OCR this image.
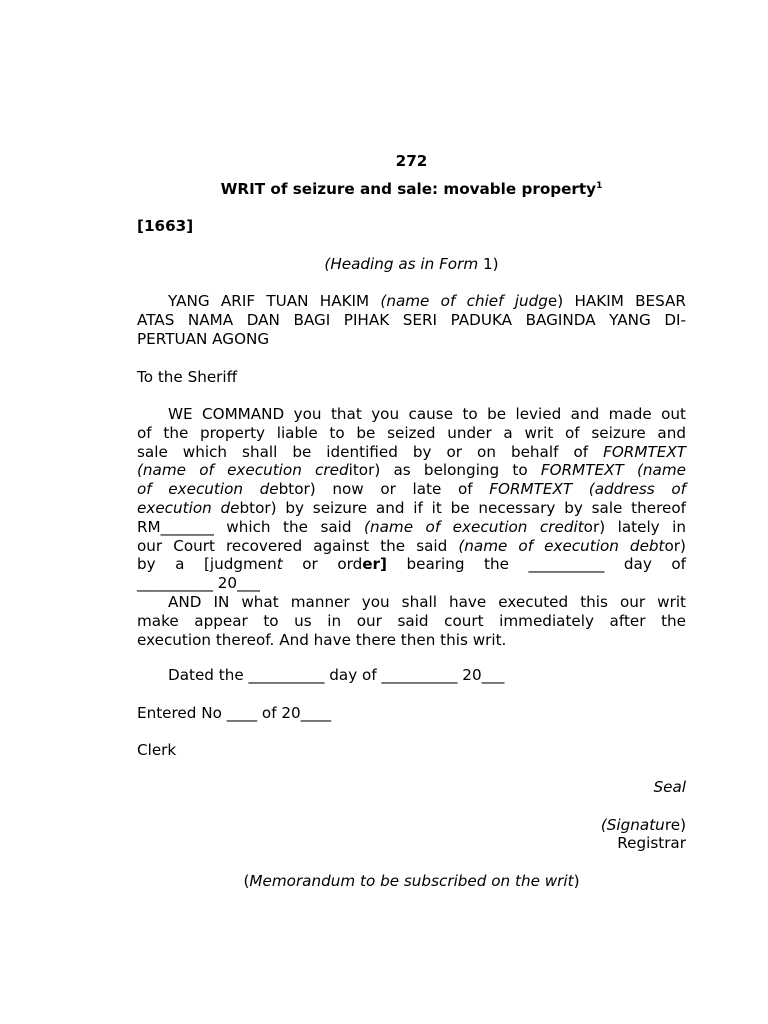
272
WRIT of seizure and sale: movable property$^1$
[1663]
(Heading as in Form 1)
YANG ARIF TUAN HAKIM (name of chief judge) HAKIM BESAR
ATAS NAMA DAN BAGI PIHAK SERI PADUKA BAGINDA YANG DI-
PERTUAN AGONG
To the Sheriff
WE COMMAND you that you cause to be levied and made out
of the property liable to be seized under a writ of seizure and
sale which shall be identified by or on behalf of FORMTEXT
(name of execution creditor) as belonging to FORMTEXT (name
of execution debtor) now or late of FORMTEXT (address of
execution debtor) by seizure and if it be necessary by sale thereof
RM_______ which the said (name of execution creditor) lately in
our Court recovered against the said (name of execution debtor)
by a [judgment or order] bearing the __________ day of
__________ 20___
AND IN what manner you shall have executed this our writ
make appear to us in our said court immediately after the
execution thereof. And have there then this writ.
Dated the __________ day of __________ 20___
Entered No ____ of 20____
Clerk
Seal
(Signature)
Registrar
(Memorandum to be subscribed on the writ)
